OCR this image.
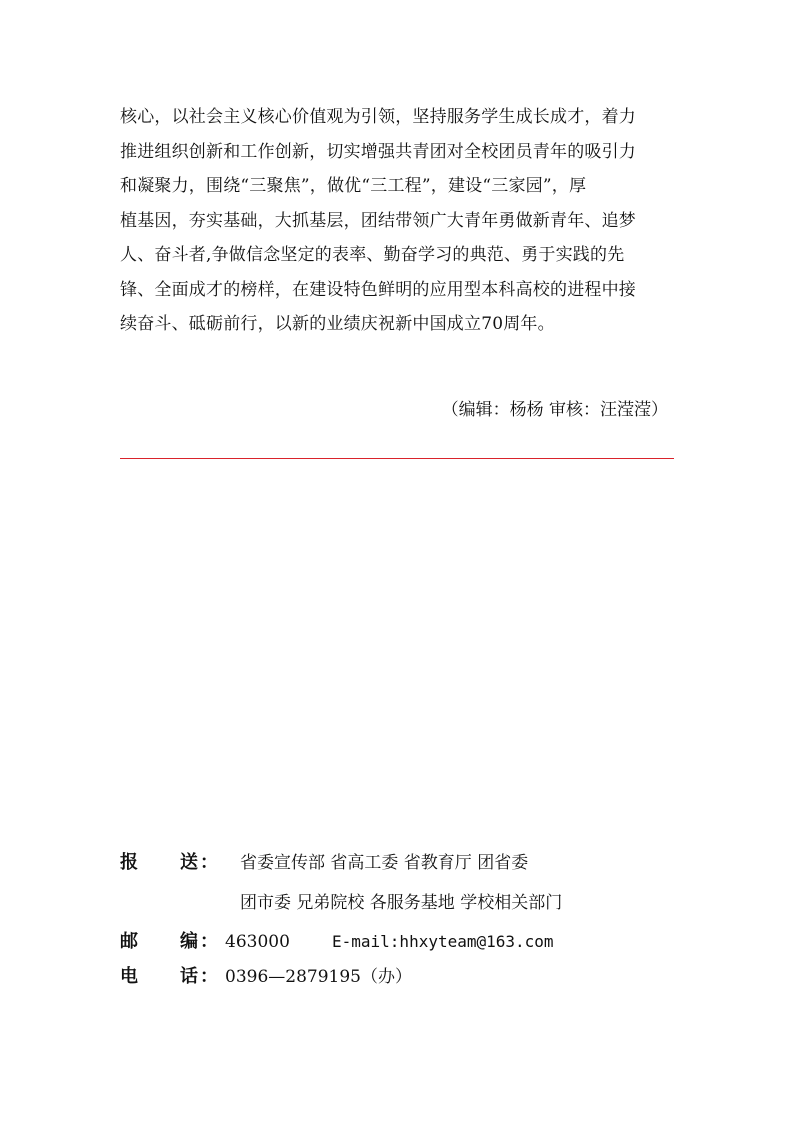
核心，以社会主义核心价值观为引领，坚持服务学生成长成才，着力
推进组织创新和工作创新，切实增强共青团对全校团员青年的吸引力
和凝聚力，围绕“三聚焦”，做优“三工程”，建设“三家园”，厚
植基因，夯实基础，大抓基层，团结带领广大青年勇做新青年、追梦
人、奋斗者,争做信念坚定的表率、勤奋学习的典范、勇于实践的先
锋、全面成才的榜样，在建设特色鲜明的应用型本科高校的进程中接
续奋斗、砥砺前行，以新的业绩庆祝新中国成立70周年。
（编辑：杨杨 审核：汪滢滢）
报 送 ： 省委宣传部 省高工委 省教育厅 团省委
团市委 兄弟院校 各服务基地 学校相关部门
邮 编 ： 463000	E-mail:hhxyteam@163.com
电 话 ： 0396—2879195（办）
